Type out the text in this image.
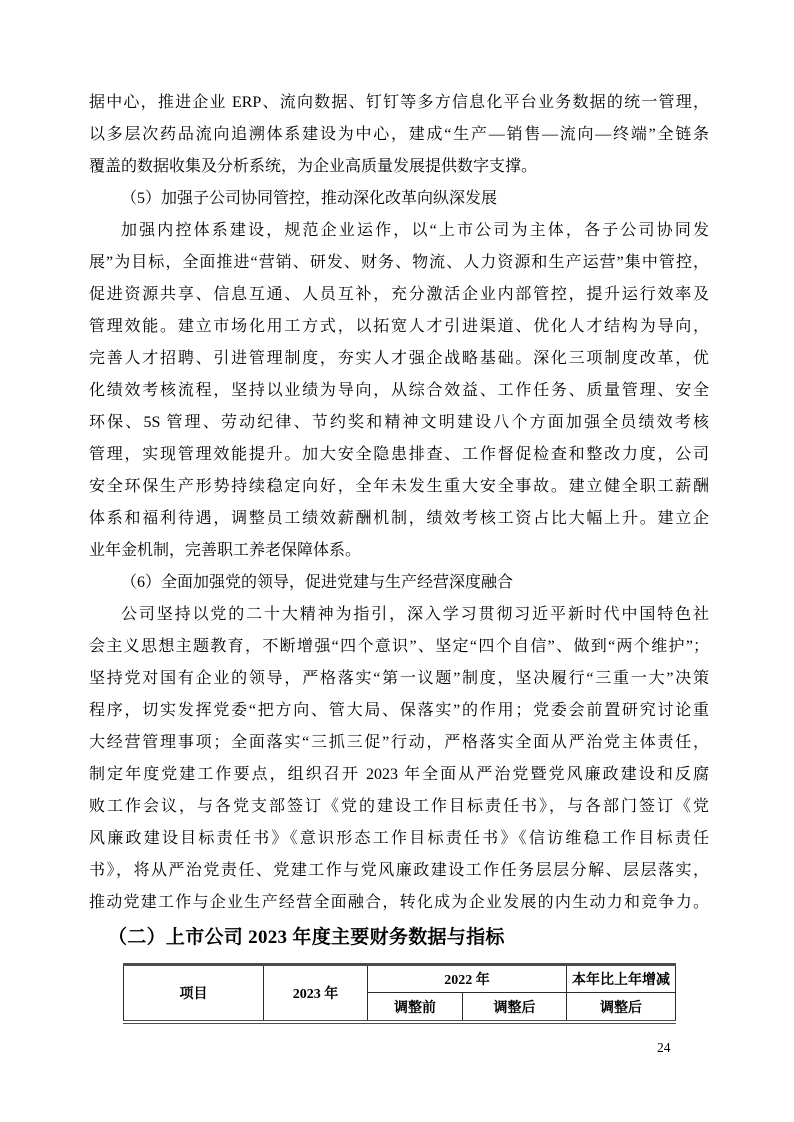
据中心，推进企业 ERP、流向数据、钉钉等多方信息化平台业务数据的统一管理，
以多层次药品流向追溯体系建设为中心，建成“生产—销售—流向—终端”全链条
覆盖的数据收集及分析系统，为企业高质量发展提供数字支撑。
（5）加强子公司协同管控，推动深化改革向纵深发展
加强内控体系建设，规范企业运作，以“上市公司为主体，各子公司协同发
展”为目标，全面推进“营销、研发、财务、物流、人力资源和生产运营”集中管控，
促进资源共享、信息互通、人员互补，充分激活企业内部管控，提升运行效率及
管理效能。建立市场化用工方式，以拓宽人才引进渠道、优化人才结构为导向，
完善人才招聘、引进管理制度，夯实人才强企战略基础。深化三项制度改革，优
化绩效考核流程，坚持以业绩为导向，从综合效益、工作任务、质量管理、安全
环保、5S 管理、劳动纪律、节约奖和精神文明建设八个方面加强全员绩效考核
管理，实现管理效能提升。加大安全隐患排查、工作督促检查和整改力度，公司
安全环保生产形势持续稳定向好，全年未发生重大安全事故。建立健全职工薪酬
体系和福利待遇，调整员工绩效薪酬机制，绩效考核工资占比大幅上升。建立企
业年金机制，完善职工养老保障体系。
（6）全面加强党的领导，促进党建与生产经营深度融合
公司坚持以党的二十大精神为指引，深入学习贯彻习近平新时代中国特色社
会主义思想主题教育，不断增强“四个意识”、坚定“四个自信”、做到“两个维护”；
坚持党对国有企业的领导，严格落实“第一议题”制度，坚决履行“三重一大”决策
程序，切实发挥党委“把方向、管大局、保落实”的作用；党委会前置研究讨论重
大经营管理事项；全面落实“三抓三促”行动，严格落实全面从严治党主体责任，
制定年度党建工作要点，组织召开 2023 年全面从严治党暨党风廉政建设和反腐
败工作会议，与各党支部签订《党的建设工作目标责任书》，与各部门签订《党
风廉政建设目标责任书》《意识形态工作目标责任书》《信访维稳工作目标责任
书》，将从严治党责任、党建工作与党风廉政建设工作任务层层分解、层层落实，
推动党建工作与企业生产经营全面融合，转化成为企业发展的内生动力和竞争力。
（二）上市公司 2023 年度主要财务数据与指标
项目	2023 年	2022 年		本年比上年增减
		调整前	调整后	调整后
24
